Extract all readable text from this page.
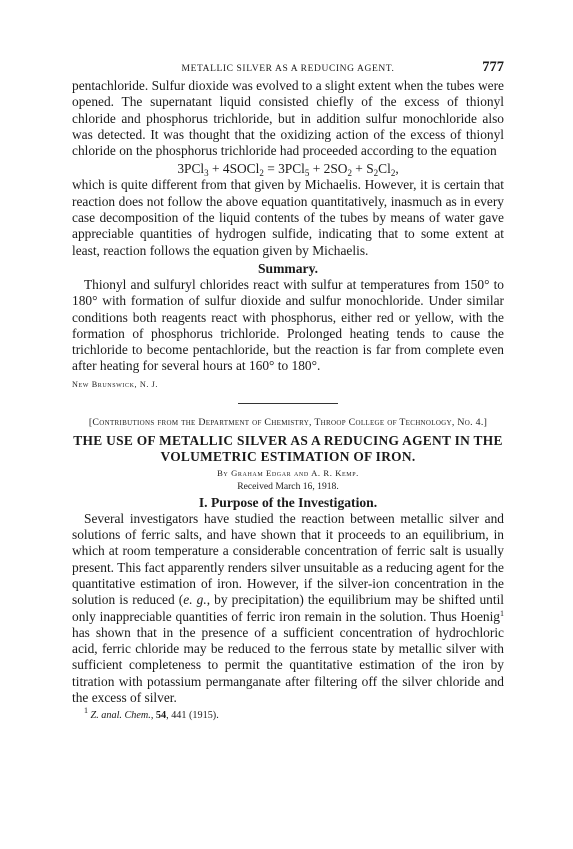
METALLIC SILVER AS A REDUCING AGENT.	777

pentachloride. Sulfur dioxide was evolved to a slight extent when the tubes were opened. The supernatant liquid consisted chiefly of the excess of thionyl chloride and phosphorus trichloride, but in addition sulfur monochloride also was detected. It was thought that the oxidizing action of the excess of thionyl chloride on the phosphorus trichloride had proceeded according to the equation

3PCl$_3$ + 4SOCl$_2$ = $3PCl_5 + 2SO_2 + S_2Cl_2$,

which is quite different from that given by Michaelis. However, it is certain that reaction does not follow the above equation quantitatively, inasmuch as in every case decomposition of the liquid contents of the tubes by means of water gave appreciable quantities of hydrogen sulfide, indicating that to some extent at least, reaction follows the equation given by Michaelis.

Summary.

Thionyl and sulfuryl chlorides react with sulfur at temperatures from 150° to 180° with formation of sulfur dioxide and sulfur monochloride. Under similar conditions both reagents react with phosphorus, either red or yellow, with the formation of phosphorus trichloride. Prolonged heating tends to cause the trichloride to become pentachloride, but the reaction is far from complete even after heating for several hours at 160° to 180°.

New Brunswick, N. J.
[Contributions from the Department of Chemistry, Throop College of Technology, No. 4.]
THE USE OF METALLIC SILVER AS A REDUCING AGENT IN THE VOLUMETRIC ESTIMATION OF IRON.
By Graham Edgar and A. R. Kemp.
Received March 16, 1918.
I. Purpose of the Investigation.

Several investigators have studied the reaction between metallic silver and solutions of ferric salts, and have shown that it proceeds to an equilibrium, in which at room temperature a considerable concentration of ferric salt is usually present. This fact apparently renders silver unsuitable as a reducing agent for the quantitative estimation of iron. However, if the silver-ion concentration in the solution is reduced (e. g., by precipitation) the equilibrium may be shifted until only inappreciable quantities of ferric iron remain in the solution. Thus Hoenig$^1$ has shown that in the presence of a sufficient concentration of hydrochloric acid, ferric chloride may be reduced to the ferrous state by metallic silver with sufficient completeness to permit the quantitative estimation of the iron by titration with potassium permanganate after filtering off the silver chloride and the excess of silver.

$^1$ Z. anal. Chem., 54, 441 (1915).
